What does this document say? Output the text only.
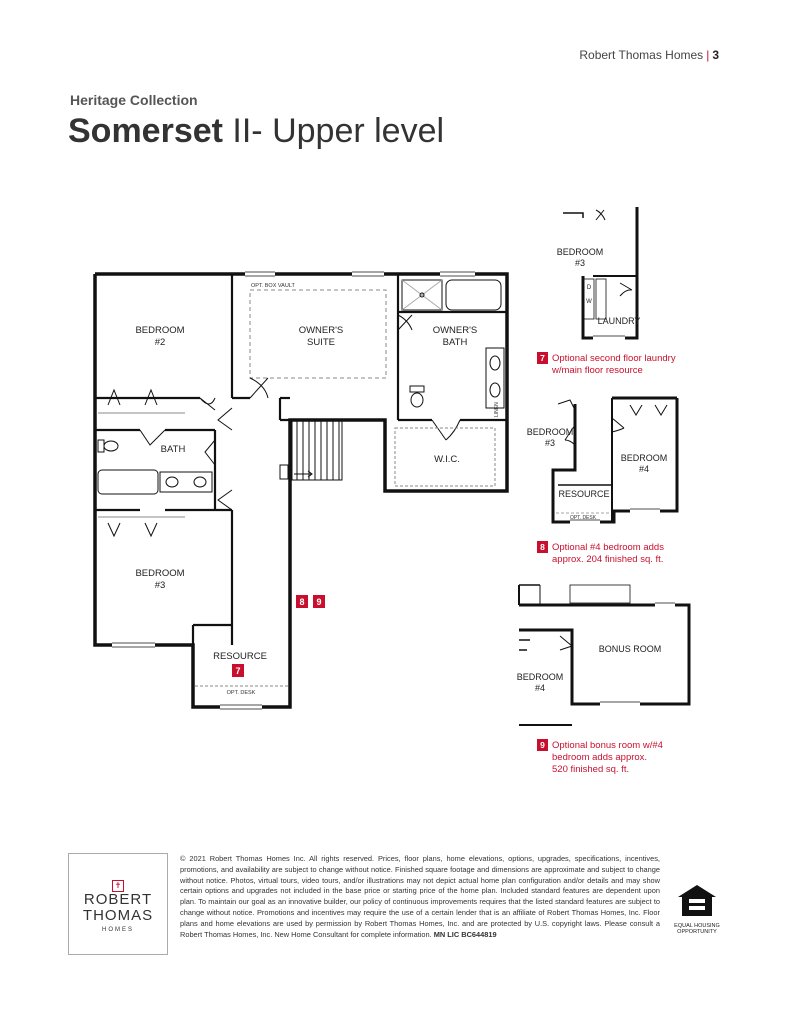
Robert Thomas Homes | 3
Heritage Collection
Somerset II- Upper level
BEDROOM
#2
OWNER'S
SUITE
OWNER'S
BATH
BATH
W.I.C.
BEDROOM
#3
RESOURCE
OPT. BOX VAULT
OPT. DESK
LINEN
7
8 9
BEDROOM
#3
LAUNDRY
D
W
7 Optional second floor laundry
w/main floor resource
BEDROOM
#3
BEDROOM
#4
RESOURCE
OPT. DESK
8 Optional #4 bedroom adds
approx. 204 finished sq. ft.
BONUS ROOM
BEDROOM
#4
9 Optional bonus room w/#4
bedroom adds approx.
520 finished sq. ft.
✝
ROBERT
THOMAS
HOMES
© 2021 Robert Thomas Homes Inc. All rights reserved. Prices, floor plans, home elevations, options, upgrades, specifications, incentives, promotions, and availability are subject to change without notice. Finished square footage and dimensions are approximate and subject to change without notice. Photos, virtual tours, video tours, and/or illustrations may not depict actual home plan configuration and/or details and may show certain options and upgrades not included in the base price or starting price of the home plan. Included standard features are dependent upon plan. To maintain our goal as an innovative builder, our policy of continuous improvements requires that the listed standard features are subject to change without notice. Promotions and incentives may require the use of a certain lender that is an affiliate of Robert Thomas Homes, Inc. Floor plans and home elevations are used by permission by Robert Thomas Homes, Inc. and are protected by U.S. copyright laws. Please consult a Robert Thomas Homes, Inc. New Home Consultant for complete information. MN LIC BC644819
EQUAL HOUSING
OPPORTUNITY
